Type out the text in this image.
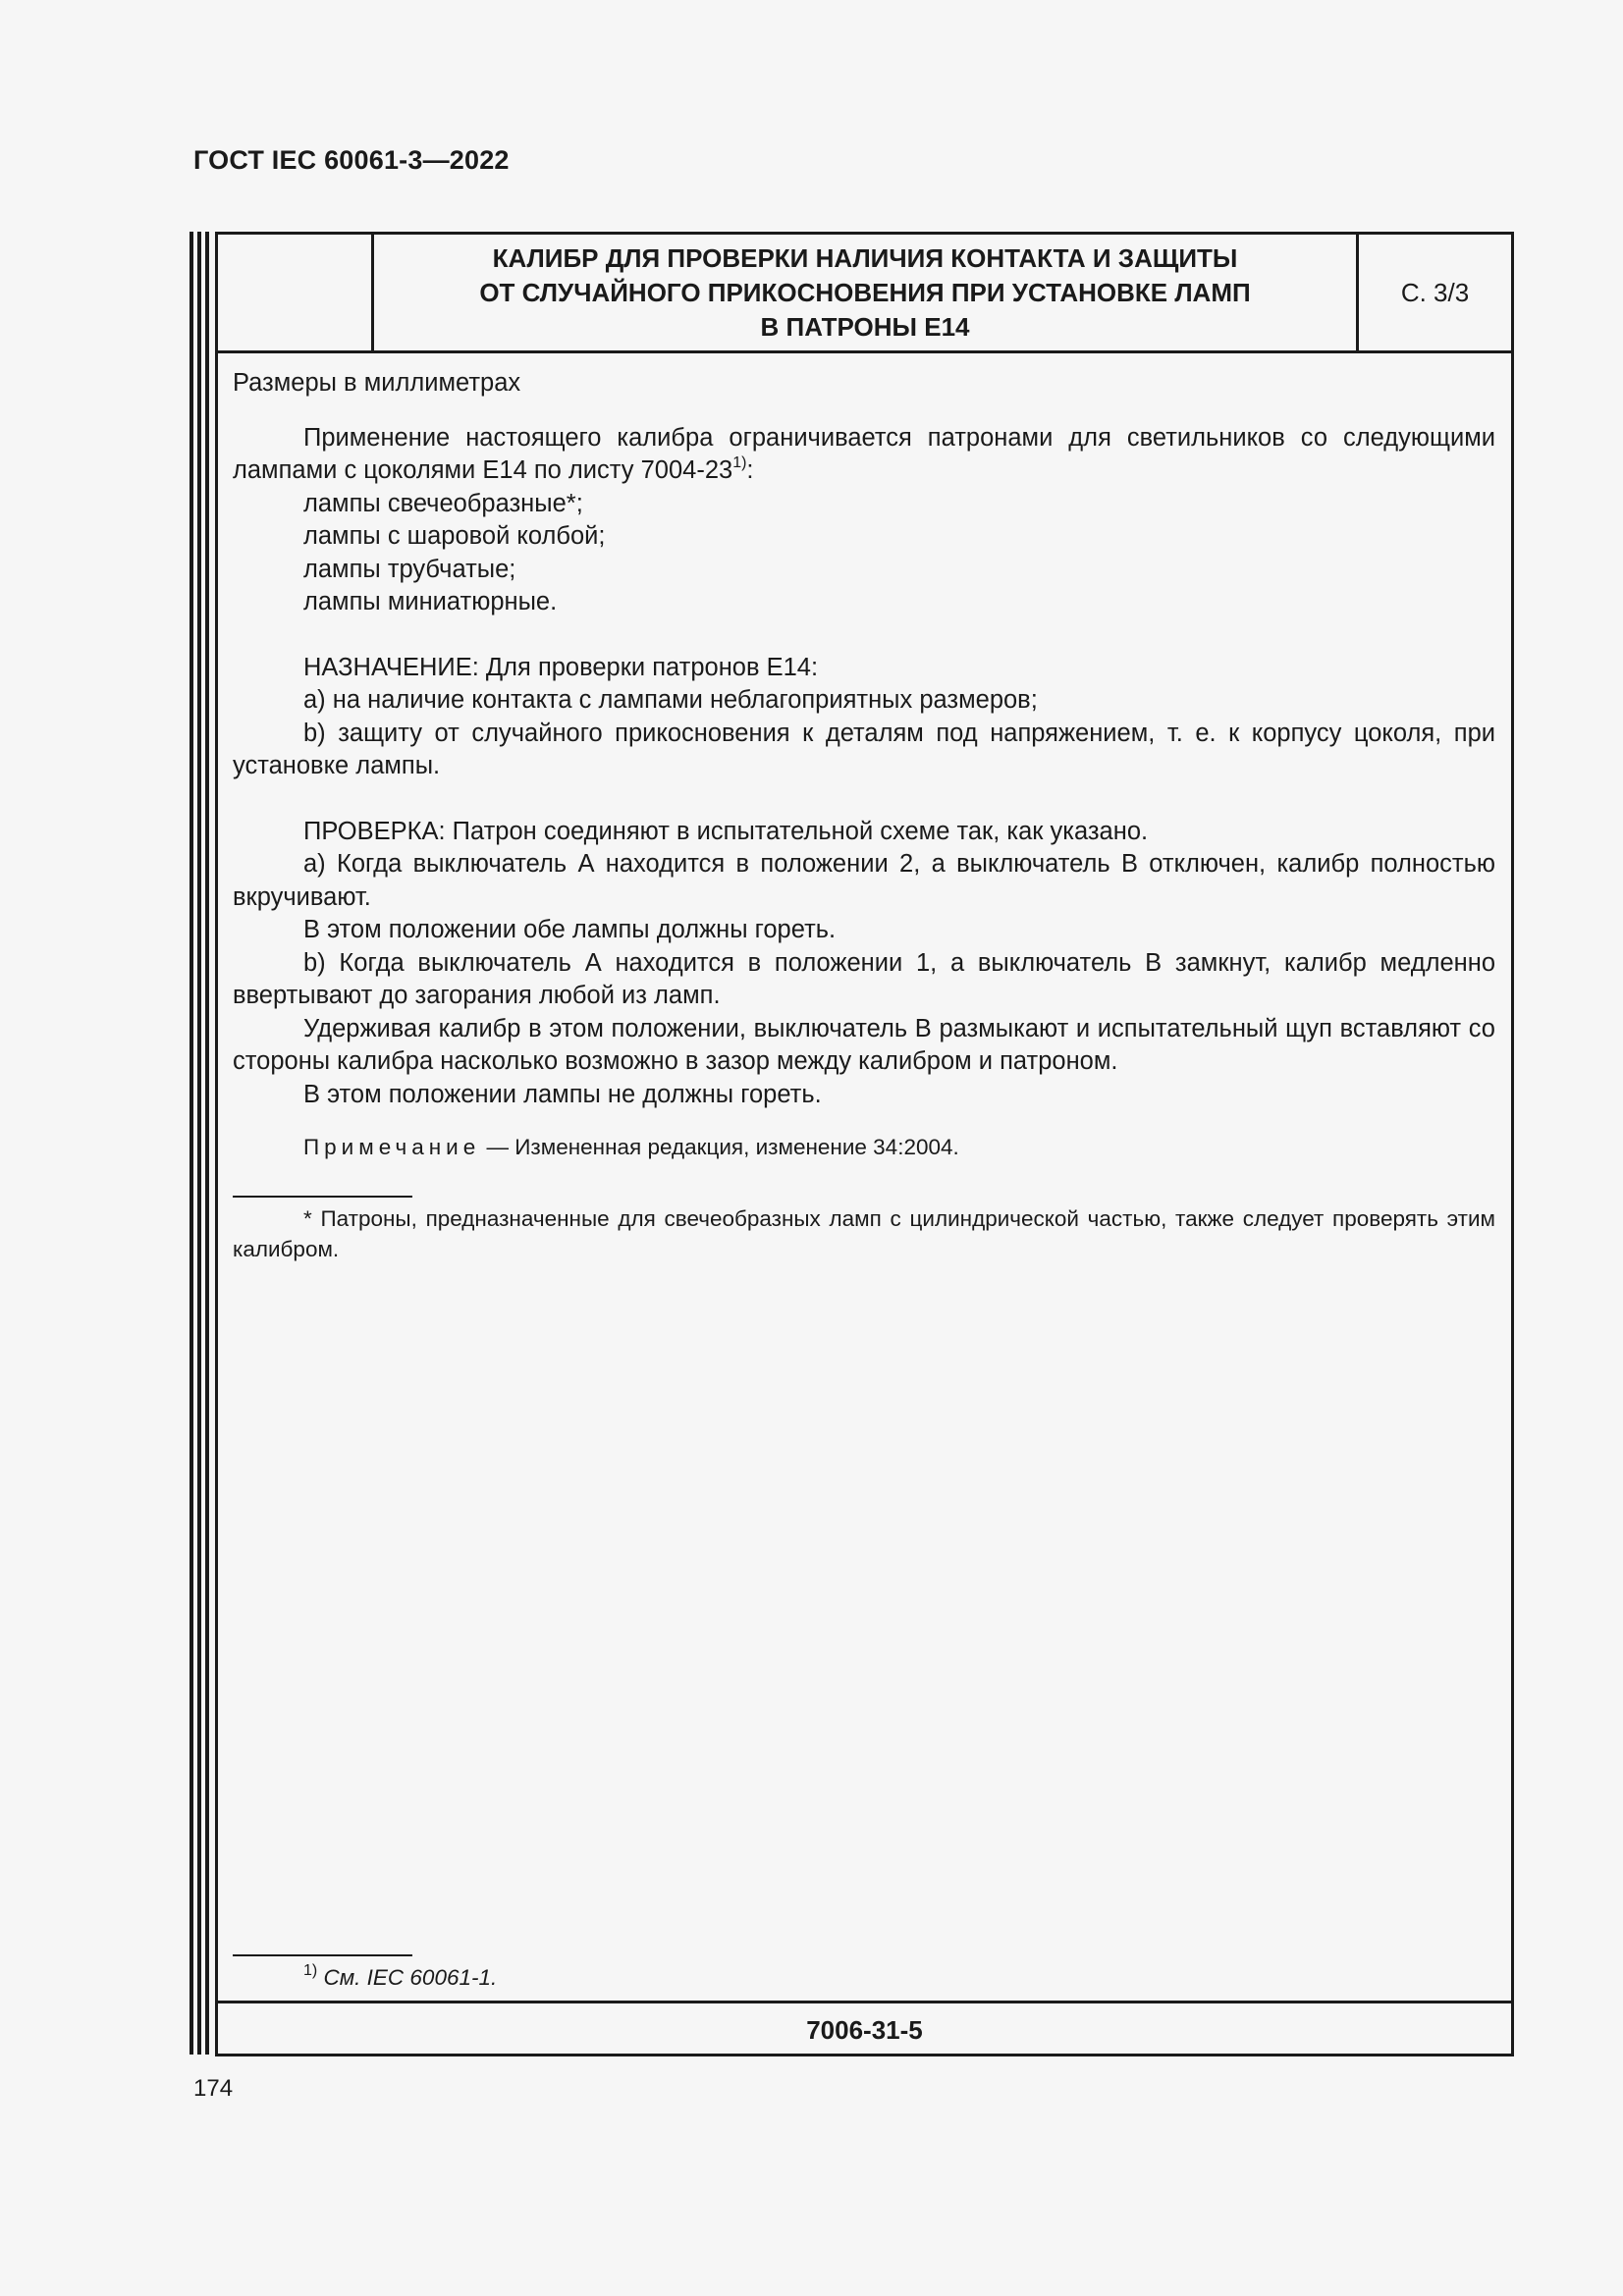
ГОСТ IEC 60061-3—2022
КАЛИБР ДЛЯ ПРОВЕРКИ НАЛИЧИЯ КОНТАКТА И ЗАЩИТЫ
ОТ СЛУЧАЙНОГО ПРИКОСНОВЕНИЯ ПРИ УСТАНОВКЕ ЛАМП
В ПАТРОНЫ Е14
С. 3/3

Размеры в миллиметрах

Применение настоящего калибра ограничивается патронами для светильников со следующими лампами с цоколями Е14 по листу 7004-23$^{1)}$:

лампы свечеобразные*;

лампы с шаровой колбой;

лампы трубчатые;

лампы миниатюрные.

НАЗНАЧЕНИЕ: Для проверки патронов Е14:

a) на наличие контакта с лампами неблагоприятных размеров;

b) защиту от случайного прикосновения к деталям под напряжением, т. е. к корпусу цоколя, при установке лампы.

ПРОВЕРКА: Патрон соединяют в испытательной схеме так, как указано.

a) Когда выключатель А находится в положении 2, а выключатель В отключен, калибр полностью вкручивают.

В этом положении обе лампы должны гореть.

b) Когда выключатель А находится в положении 1, а выключатель В замкнут, калибр медленно ввертывают до загорания любой из ламп.

Удерживая калибр в этом положении, выключатель В размыкают и испытательный щуп вставляют со стороны калибра насколько возможно в зазор между калибром и патроном.

В этом положении лампы не должны гореть.

Примечание — Измененная редакция, изменение 34:2004.

* Патроны, предназначенные для свечеобразных ламп с цилиндрической частью, также следует проверять этим калибром.

$^{1)}$ См. IEC 60061-1.

7006-31-5
174
